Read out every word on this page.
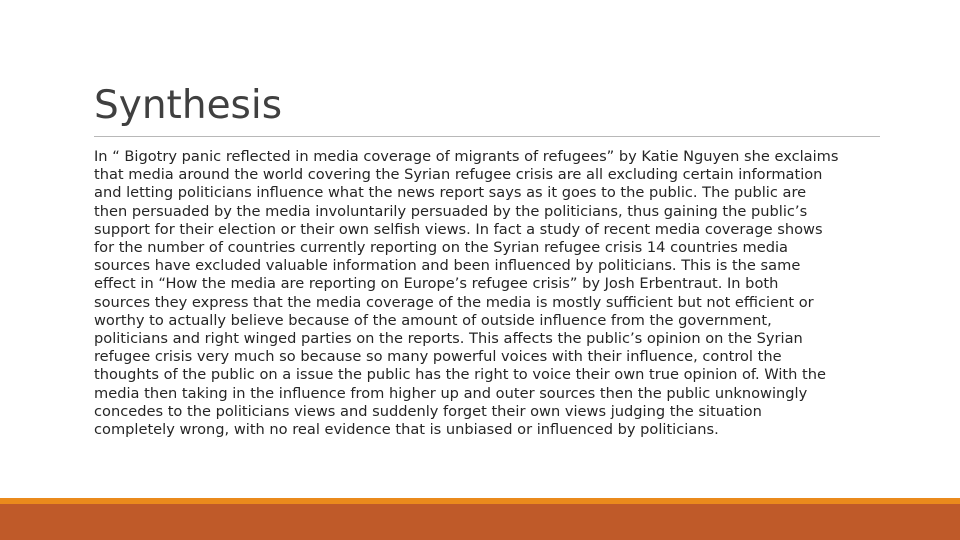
Synthesis
In “ Bigotry panic reflected in media coverage of migrants of refugees” by Katie Nguyen she exclaims
that media around the world covering the Syrian refugee crisis are all excluding certain information
and letting politicians influence what the news report says as it goes to the public. The public are
then persuaded by the media involuntarily persuaded by the politicians, thus gaining the public’s
support for their election or their own selfish views. In fact a study of recent media coverage shows
for the number of countries currently reporting on the Syrian refugee crisis 14 countries media
sources have excluded valuable information and been influenced by politicians. This is the same
effect in “How the media are reporting on Europe’s refugee crisis” by Josh Erbentraut. In both
sources they express that the media coverage of the media is mostly sufficient but not efficient or
worthy to actually believe because of the amount of outside influence from the government,
politicians and right winged parties on the reports. This affects the public’s opinion on the Syrian
refugee crisis very much so because so many powerful voices with their influence, control the
thoughts of the public on a issue the public has the right to voice their own true opinion of. With the
media then taking in the influence from higher up and outer sources then the public unknowingly
concedes to the politicians views and suddenly forget their own views judging the situation
completely wrong, with no real evidence that is unbiased or influenced by politicians.
